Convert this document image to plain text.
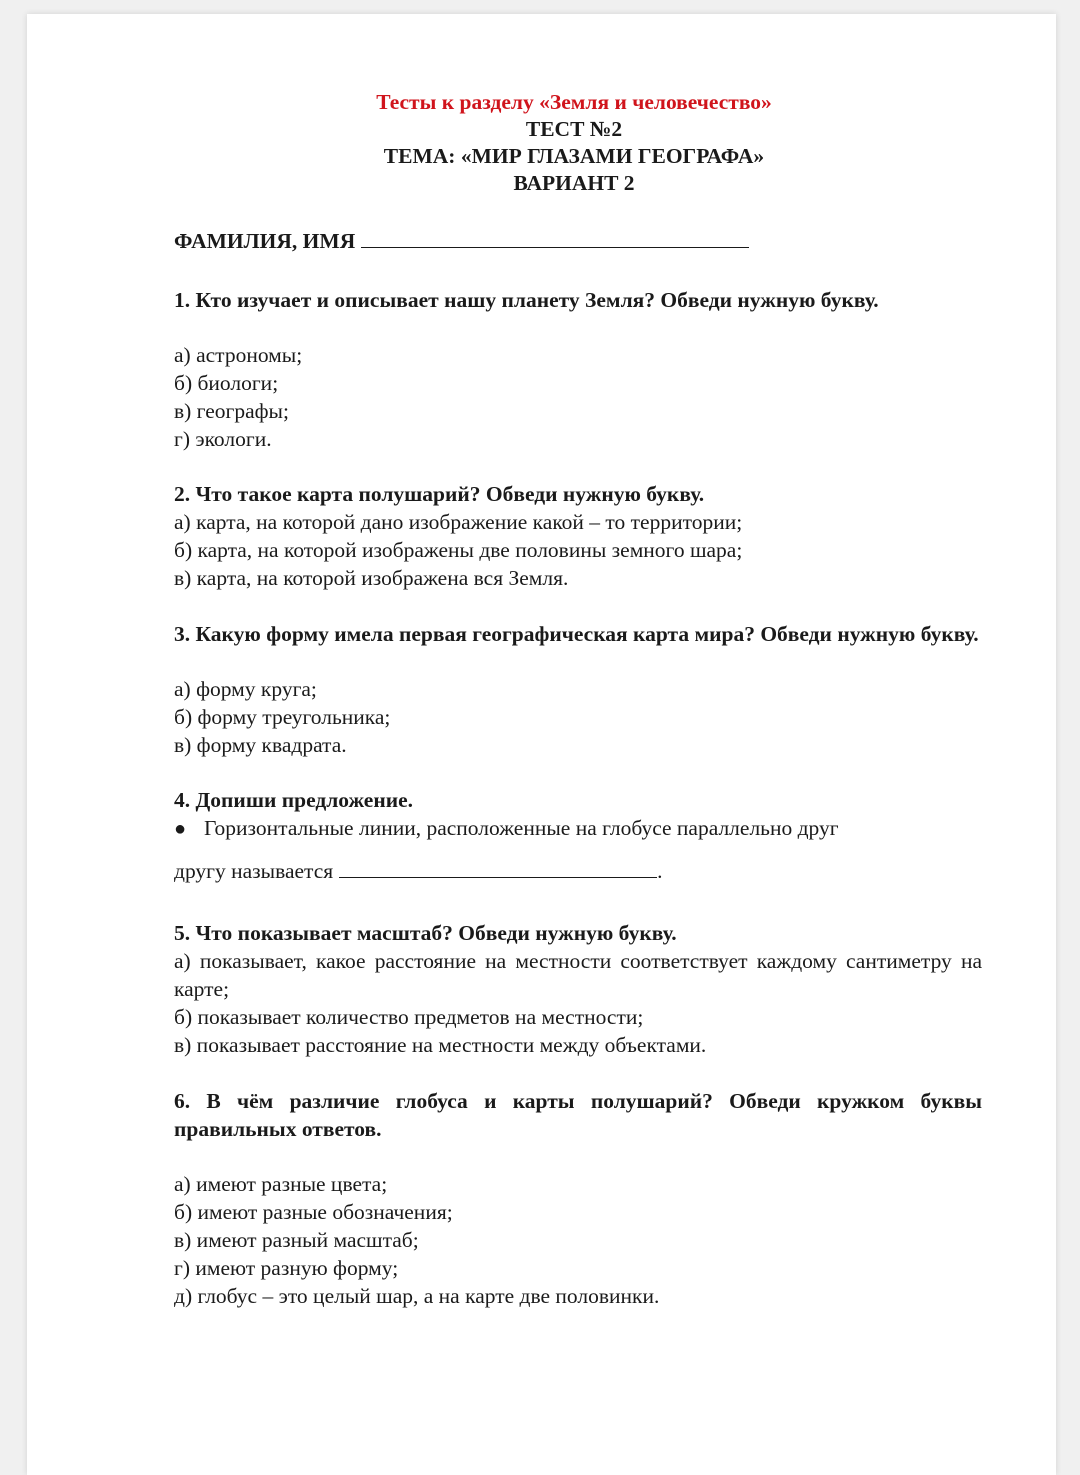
Тесты к разделу «Земля и человечество»
ТЕСТ №2
ТЕМА: «МИР ГЛАЗАМИ ГЕОГРАФА»
ВАРИАНТ 2
ФАМИЛИЯ, ИМЯ
1. Кто изучает и описывает нашу планету Земля? Обведи нужную букву.
а) астрономы;
б) биологи;
в) географы;
г) экологи.
2. Что такое карта полушарий? Обведи нужную букву.
а) карта, на которой дано изображение какой – то территории;
б) карта, на которой изображены две половины земного шара;
в) карта, на которой изображена вся Земля.
3. Какую форму имела первая географическая карта мира? Обведи нужную букву.
а) форму круга;
б) форму треугольника;
в) форму квадрата.
4. Допиши предложение.
● Горизонтальные линии, расположенные на глобусе параллельно друг
другу называется	.
5. Что показывает масштаб? Обведи нужную букву.
а) показывает, какое расстояние на местности соответствует каждому сантиметру на карте;
б) показывает количество предметов на местности;
в) показывает расстояние на местности между объектами.
6. В чём различие глобуса и карты полушарий? Обведи кружком буквы правильных ответов.
а) имеют разные цвета;
б) имеют разные обозначения;
в) имеют разный масштаб;
г) имеют разную форму;
д) глобус – это целый шар, а на карте две половинки.
